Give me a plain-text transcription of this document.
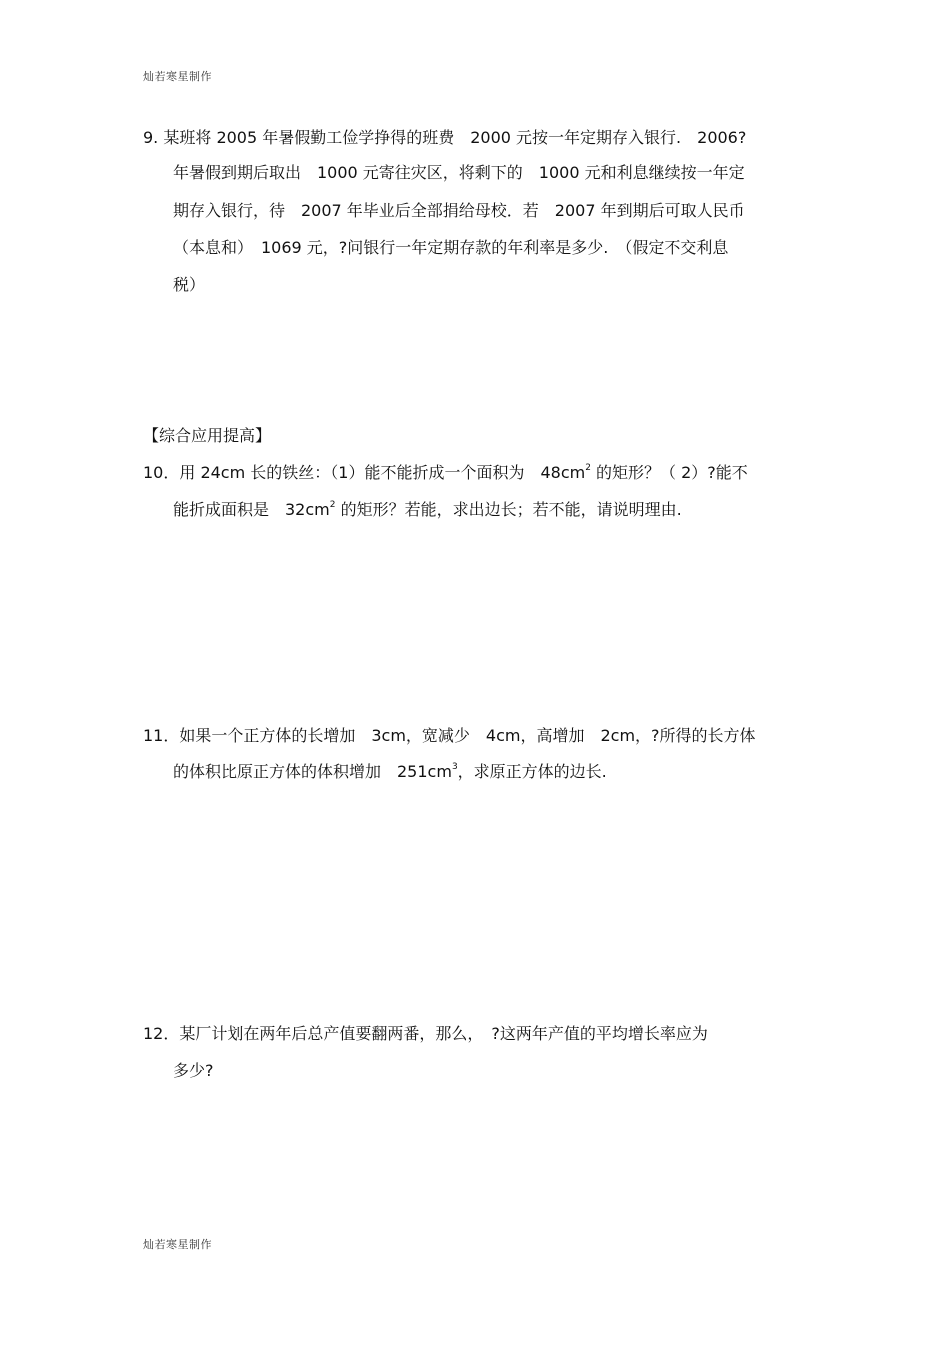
灿若寒星制作
9. 某班将 2005 年暑假勤工俭学挣得的班费　2000 元按一年定期存入银行.　2006?
年暑假到期后取出　1000 元寄往灾区，将剩下的　1000 元和利息继续按一年定
期存入银行，待　2007 年毕业后全部捐给母校．若　2007 年到期后可取人民币
（本息和）　1069 元，?问银行一年定期存款的年利率是多少.　（假定不交利息
税）
【综合应用提高】
10．用 24cm 长的铁丝：（1）能不能折成一个面积为　$48cm^2$ 的矩形？（ 2）?能不
能折成面积是　$32cm^2$ 的矩形？若能，求出边长；若不能，请说明理由.
11．如果一个正方体的长增加　3cm，宽减少　4cm，高增加　2cm，?所得的长方体
的体积比原正方体的体积增加　$251cm^3$，求原正方体的边长.
12．某厂计划在两年后总产值要翻两番，那么，　?这两年产值的平均增长率应为
多少?
灿若寒星制作
